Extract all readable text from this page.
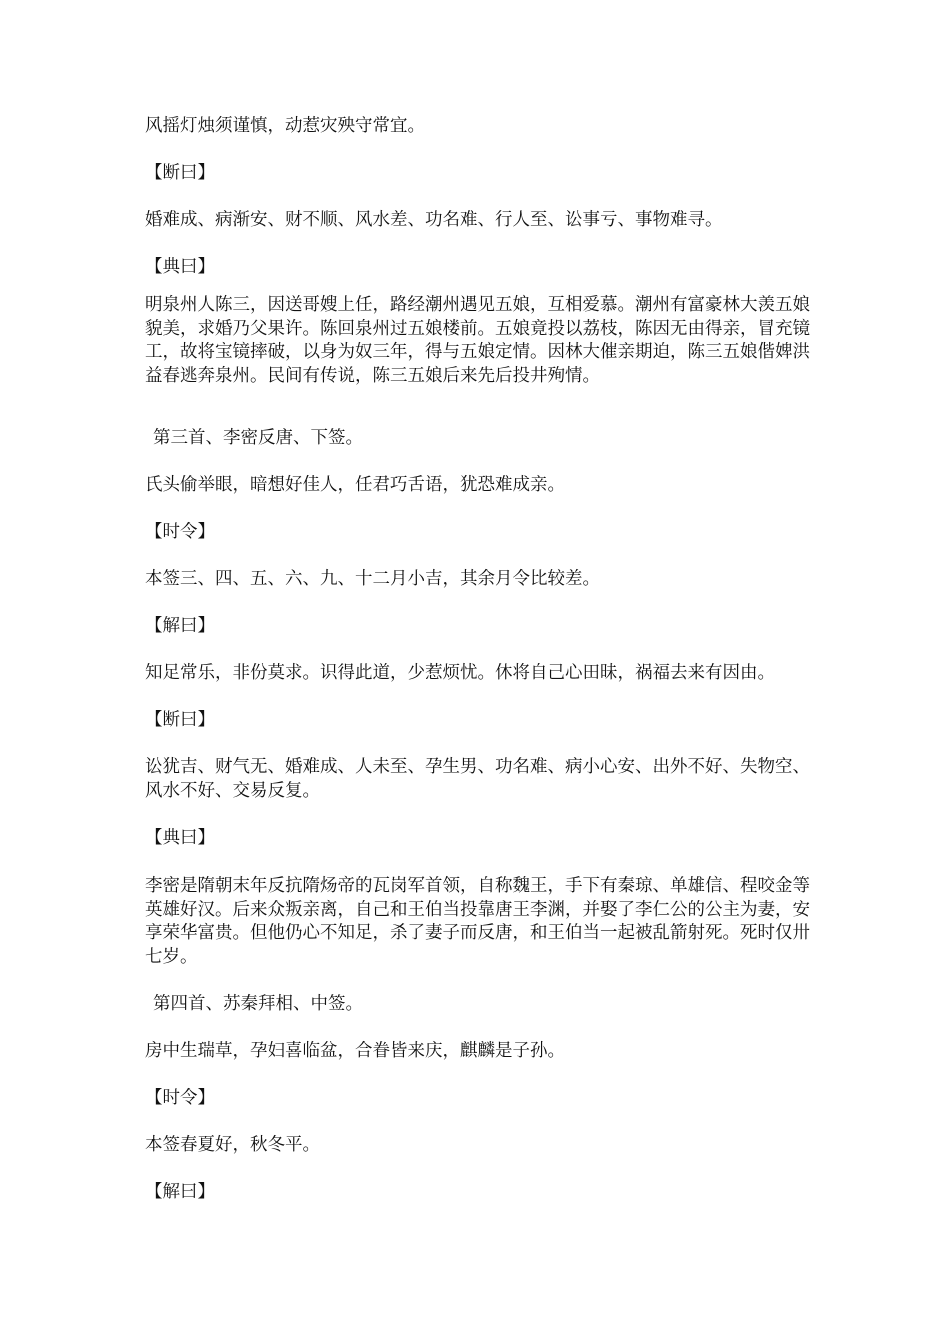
风摇灯烛须谨慎，动惹灾殃守常宜。

【断曰】

婚难成、病渐安、财不顺、风水差、功名难、行人至、讼事亏、事物难寻。

【典曰】

明泉州人陈三，因送哥嫂上任，路经潮州遇见五娘，互相爱慕。潮州有富豪林大羡五娘貌美，求婚乃父果许。陈回泉州过五娘楼前。五娘竟投以荔枝，陈因无由得亲，冒充镜工，故将宝镜摔破，以身为奴三年，得与五娘定情。因林大催亲期迫，陈三五娘偕婢洪益春逃奔泉州。民间有传说，陈三五娘后来先后投井殉情。

第三首、李密反唐、下签。

氏头偷举眼，暗想好佳人，任君巧舌语，犹恐难成亲。

【时令】

本签三、四、五、六、九、十二月小吉，其余月令比较差。

【解曰】

知足常乐，非份莫求。识得此道，少惹烦忧。休将自己心田昧，祸福去来有因由。

【断曰】

讼犹吉、财气无、婚难成、人未至、孕生男、功名难、病小心安、出外不好、失物空、风水不好、交易反复。

【典曰】

李密是隋朝末年反抗隋炀帝的瓦岗军首领，自称魏王，手下有秦琼、单雄信、程咬金等英雄好汉。后来众叛亲离，自己和王伯当投靠唐王李渊，并娶了李仁公的公主为妻，安享荣华富贵。但他仍心不知足，杀了妻子而反唐，和王伯当一起被乱箭射死。死时仅卅七岁。

第四首、苏秦拜相、中签。

房中生瑞草，孕妇喜临盆，合眷皆来庆，麒麟是子孙。

【时令】

本签春夏好，秋冬平。

【解曰】
